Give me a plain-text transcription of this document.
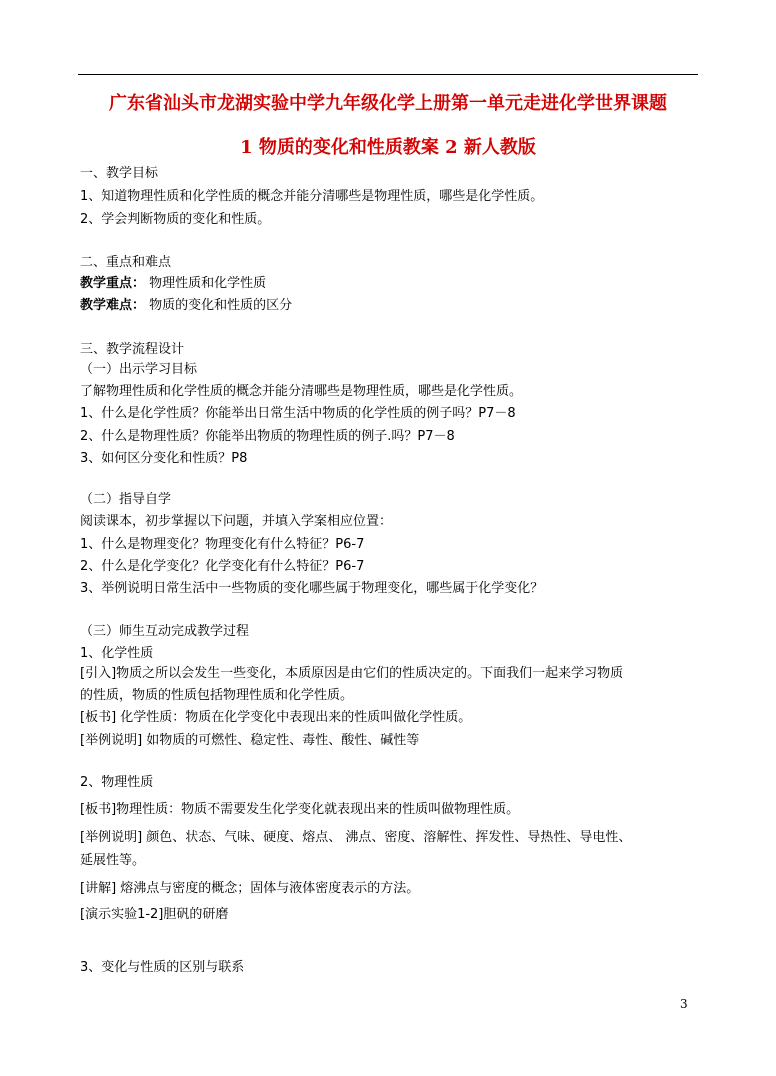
广东省汕头市龙湖实验中学九年级化学上册第一单元走进化学世界课题
1 物质的变化和性质教案 2 新人教版
一、教学目标
1、知道物理性质和化学性质的概念并能分清哪些是物理性质，哪些是化学性质。
2、学会判断物质的变化和性质。
二、重点和难点
教学重点： 物理性质和化学性质
教学难点： 物质的变化和性质的区分
三、教学流程设计
（一）出示学习目标
了解物理性质和化学性质的概念并能分清哪些是物理性质，哪些是化学性质。
1、什么是化学性质？你能举出日常生活中物质的化学性质的例子吗？P7－8
2、什么是物理性质？你能举出物质的物理性质的例子.吗？P7－8
3、如何区分变化和性质？P8
（二）指导自学
阅读课本，初步掌握以下问题，并填入学案相应位置：
1、什么是物理变化？物理变化有什么特征？P6-7
2、什么是化学变化？化学变化有什么特征？P6-7
3、举例说明日常生活中一些物质的变化哪些属于物理变化，哪些属于化学变化？
（三）师生互动完成教学过程
1、化学性质
[引入]物质之所以会发生一些变化，本质原因是由它们的性质决定的。下面我们一起来学习物质
的性质，物质的性质包括物理性质和化学性质。
[板书] 化学性质：物质在化学变化中表现出来的性质叫做化学性质。
[举例说明] 如物质的可燃性、稳定性、毒性、酸性、碱性等
2、物理性质
[板书]物理性质：物质不需要发生化学变化就表现出来的性质叫做物理性质。
[举例说明] 颜色、状态、气味、硬度、熔点、 沸点、密度、溶解性、挥发性、导热性、导电性、
延展性等。
[讲解] 熔沸点与密度的概念；固体与液体密度表示的方法。
[演示实验1-2]胆矾的研磨
3、变化与性质的区别与联系
3
